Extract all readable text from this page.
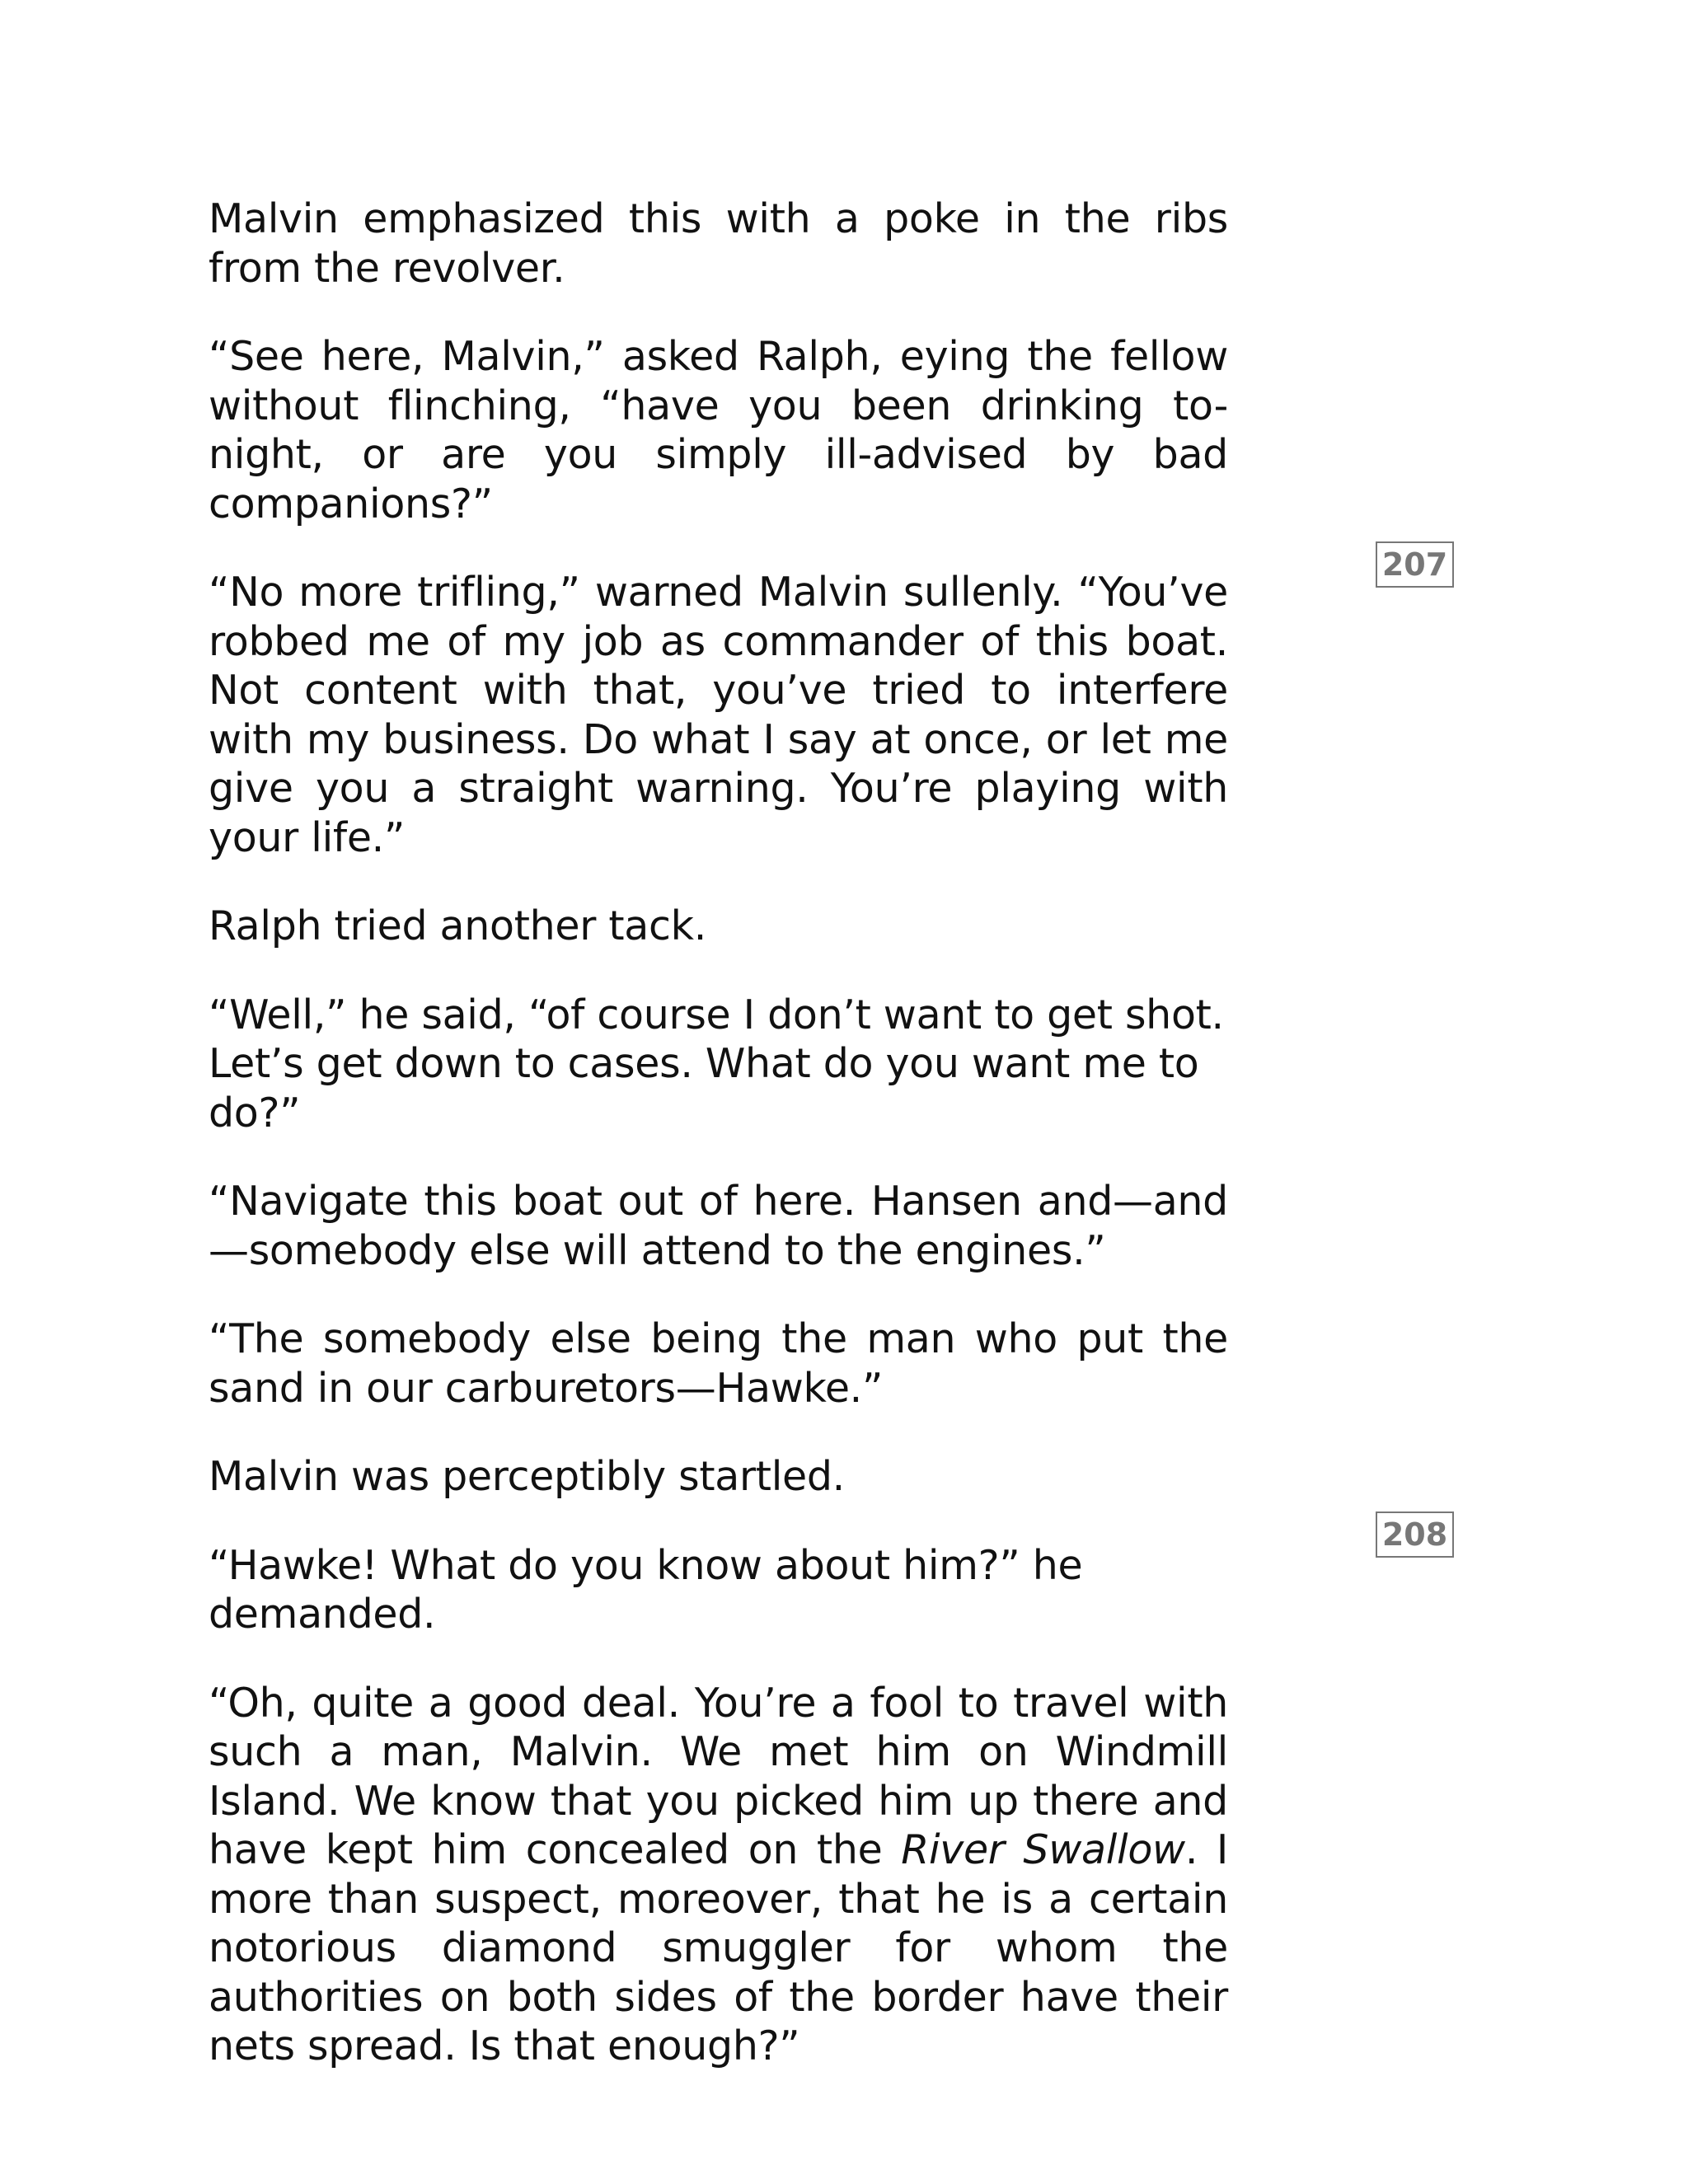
Malvin emphasized this with a poke in the ribs from the revolver.

“See here, Malvin,” asked Ralph, eying the fellow without flinching, “have you been drinking to-night, or are you simply ill-advised by bad companions?”

“No more trifling,” warned Malvin sullenly. “You’ve robbed me of my job as commander of this boat. Not content with that, you’ve tried to interfere with my business. Do what I say at once, or let me give you a straight warning. You’re playing with your life.”

Ralph tried another tack.

“Well,” he said, “of course I don’t want to get shot. Let’s get down to cases. What do you want me to do?”

“Navigate this boat out of here. Hansen and—and—somebody else will attend to the engines.”

“The somebody else being the man who put the sand in our carburetors—Hawke.”

Malvin was perceptibly startled.

“Hawke! What do you know about him?” he demanded.

“Oh, quite a good deal. You’re a fool to travel with such a man, Malvin. We met him on Windmill Island. We know that you picked him up there and have kept him concealed on the River Swallow. I more than suspect, moreover, that he is a certain notorious diamond smuggler for whom the authorities on both sides of the border have their nets spread. Is that enough?”

207
208
